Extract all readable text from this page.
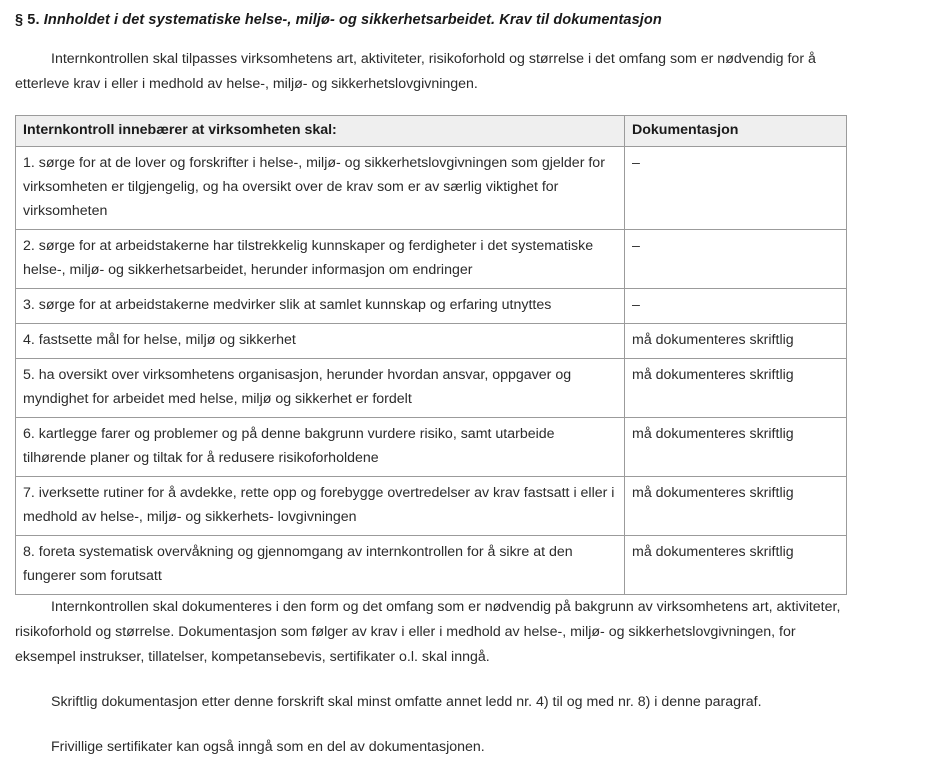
§ 5. Innholdet i det systematiske helse-, miljø- og sikkerhetsarbeidet. Krav til dokumentasjon

Internkontrollen skal tilpasses virksomhetens art, aktiviteter, risikoforhold og størrelse i det omfang som er nødvendig for å etterleve krav i eller i medhold av helse-, miljø- og sikkerhetslovgivningen.

Internkontroll innebærer at virksomheten skal:	Dokumentasjon
1. sørge for at de lover og forskrifter i helse-, miljø- og sikkerhetslovgivningen som gjelder for virksomheten er tilgjengelig, og ha oversikt over de krav som er av særlig viktighet for virksomheten	–
2. sørge for at arbeidstakerne har tilstrekkelig kunnskaper og ferdigheter i det systematiske helse-, miljø- og sikkerhetsarbeidet, herunder informasjon om endringer	–
3. sørge for at arbeidstakerne medvirker slik at samlet kunnskap og erfaring utnyttes	–
4. fastsette mål for helse, miljø og sikkerhet	må dokumenteres skriftlig
5. ha oversikt over virksomhetens organisasjon, herunder hvordan ansvar, oppgaver og myndighet for arbeidet med helse, miljø og sikkerhet er fordelt	må dokumenteres skriftlig
6. kartlegge farer og problemer og på denne bakgrunn vurdere risiko, samt utarbeide tilhørende planer og tiltak for å redusere risikoforholdene	må dokumenteres skriftlig
7. iverksette rutiner for å avdekke, rette opp og forebygge overtredelser av krav fastsatt i eller i medhold av helse-, miljø- og sikkerhets- lovgivningen	må dokumenteres skriftlig
8. foreta systematisk overvåkning og gjennomgang av internkontrollen for å sikre at den fungerer som forutsatt	må dokumenteres skriftlig

Internkontrollen skal dokumenteres i den form og det omfang som er nødvendig på bakgrunn av virksomhetens art, aktiviteter, risikoforhold og størrelse. Dokumentasjon som følger av krav i eller i medhold av helse-, miljø- og sikkerhetslovgivningen, for eksempel instrukser, tillatelser, kompetansebevis, sertifikater o.l. skal inngå.

Skriftlig dokumentasjon etter denne forskrift skal minst omfatte annet ledd nr. 4) til og med nr. 8) i denne paragraf.

Frivillige sertifikater kan også inngå som en del av dokumentasjonen.
